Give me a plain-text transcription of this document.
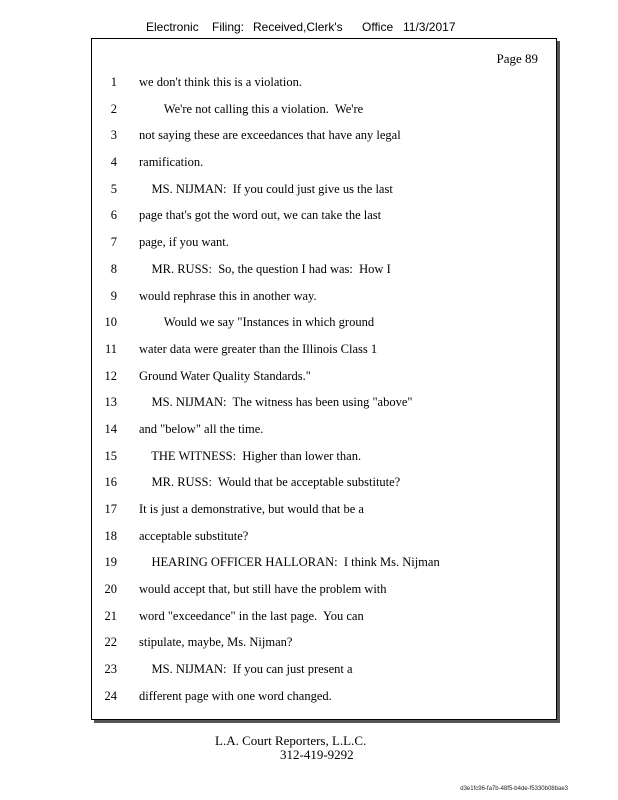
Electronic Filing: Received,Clerk's Office 11/3/2017
Page 89
1 we don't think this is a violation.
2 We're not calling this a violation.  We're
3 not saying these are exceedances that have any legal
4 ramification.
5 MS. NIJMAN:  If you could just give us the last
6 page that's got the word out, we can take the last
7 page, if you want.
8 MR. RUSS:  So, the question I had was:  How I
9 would rephrase this in another way.
10 Would we say "Instances in which ground
11 water data were greater than the Illinois Class 1
12 Ground Water Quality Standards."
13 MS. NIJMAN:  The witness has been using "above"
14 and "below" all the time.
15 THE WITNESS:  Higher than lower than.
16 MR. RUSS:  Would that be acceptable substitute?
17 It is just a demonstrative, but would that be a
18 acceptable substitute?
19 HEARING OFFICER HALLORAN:  I think Ms. Nijman
20 would accept that, but still have the problem with
21 word "exceedance" in the last page.  You can
22 stipulate, maybe, Ms. Nijman?
23 MS. NIJMAN:  If you can just present a
24 different page with one word changed.
L.A. Court Reporters, L.L.C.
312-419-9292
d3e1fc96-fa7b-48f5-b4de-f5330b08bae3
